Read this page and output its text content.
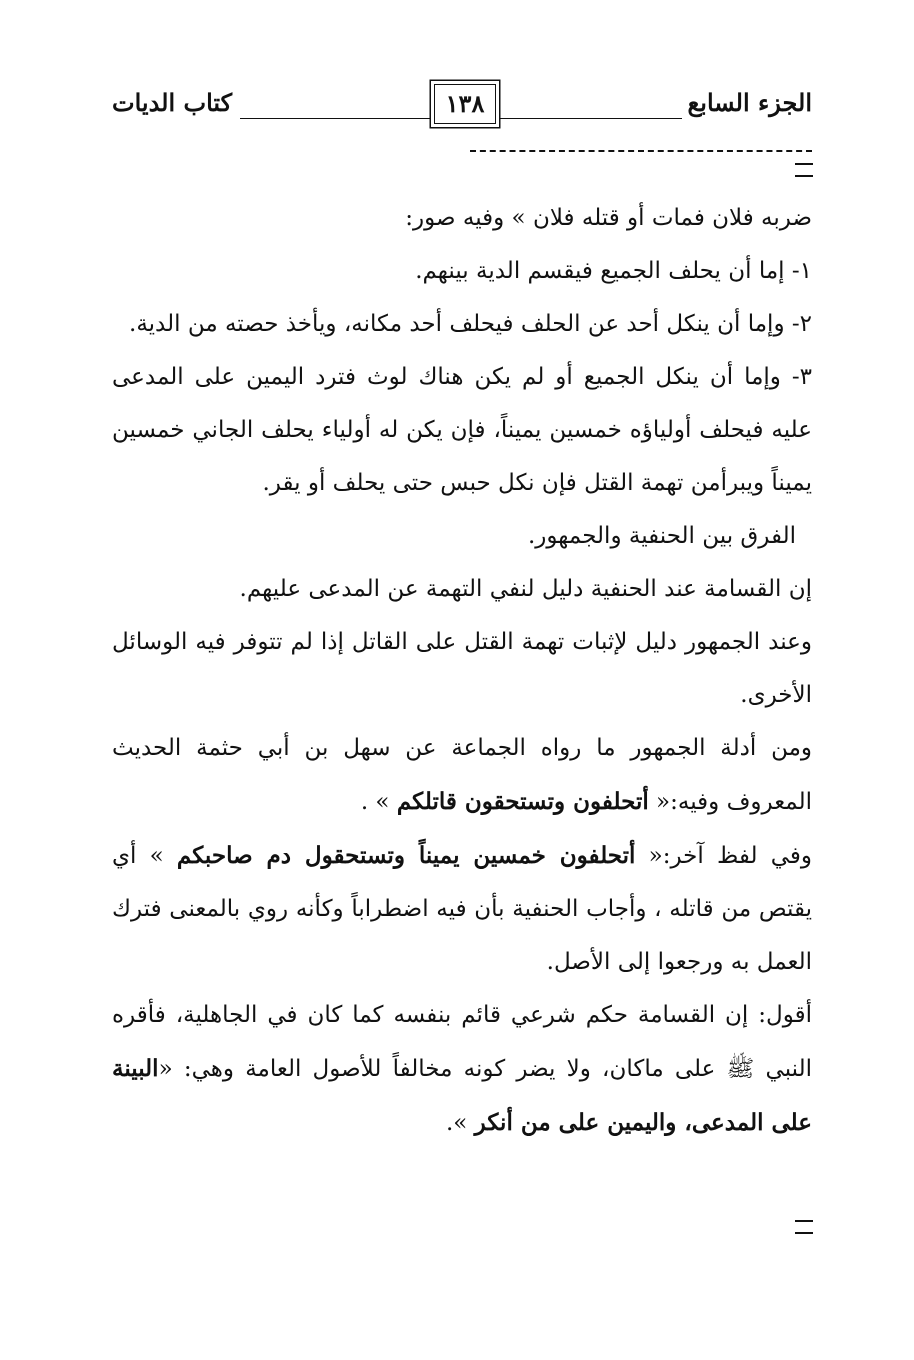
الجزء السابع
كتاب الديات	١٣٨

ضربه فلان فمات أو قتله فلان » وفيه صور:

١- إما أن يحلف الجميع فيقسم الدية بينهم.

٢- وإما أن ينكل أحد عن الحلف فيحلف أحد مكانه، ويأخذ حصته من الدية.

٣- وإما أن ينكل الجميع أو لم يكن هناك لوث فترد اليمين على المدعى عليه فيحلف أولياؤه خمسين يميناً، فإن يكن له أولياء يحلف الجاني خمسين يميناً ويبرأمن تهمة القتل فإن نكل حبس حتى يحلف أو يقر.

الفرق بين الحنفية والجمهور.

إن القسامة عند الحنفية دليل لنفي التهمة عن المدعى عليهم.

وعند الجمهور دليل لإثبات تهمة القتل على القاتل إذا لم تتوفر فيه الوسائل الأخرى.

ومن أدلة الجمهور ما رواه الجماعة عن سهل بن أبي حثمة الحديث المعروف وفيه:« أتحلفون وتستحقون قاتلكم » .

وفي لفظ آخر:« أتحلفون خمسين يميناً وتستحقول دم صاحبكم » أي يقتص من قاتله ، وأجاب الحنفية بأن فيه اضطراباً وكأنه روي بالمعنى فترك العمل به ورجعوا إلى الأصل.

أقول: إن القسامة حكم شرعي قائم بنفسه كما كان في الجاهلية، فأقره النبي ﷺ على ماكان، ولا يضر كونه مخالفاً للأصول العامة وهي: «البينة على المدعى، واليمين على من أنكر ».
